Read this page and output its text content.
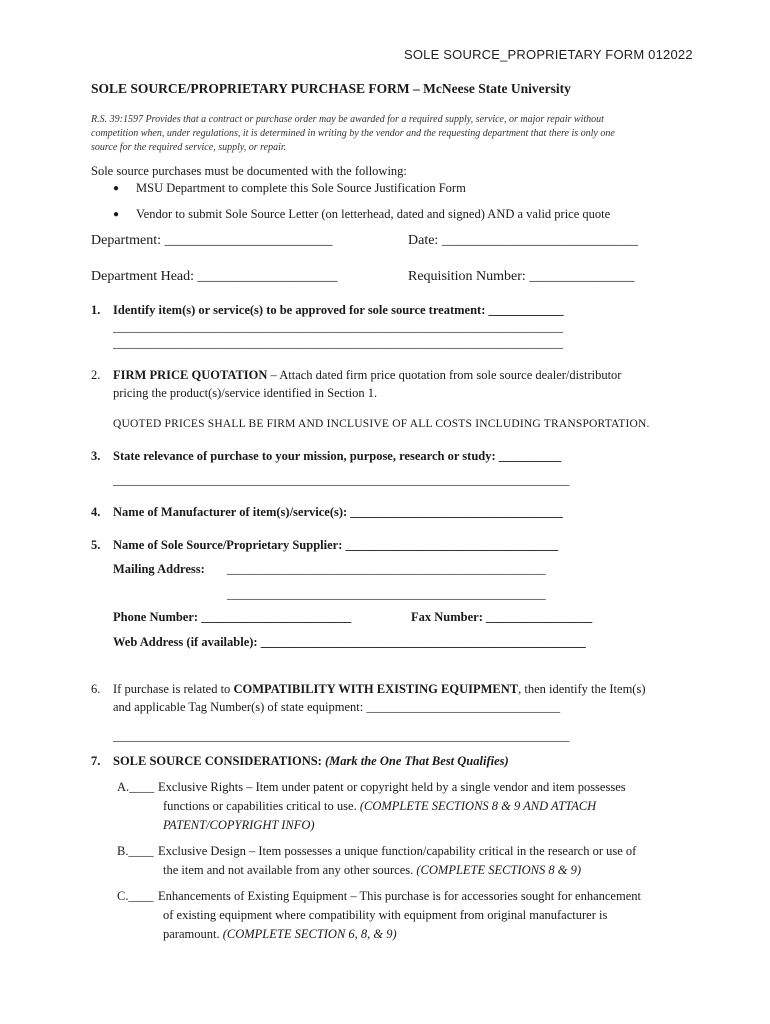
SOLE SOURCE_PROPRIETARY FORM 012022
SOLE SOURCE/PROPRIETARY PURCHASE FORM – McNeese State University
R.S. 39:1597 Provides that a contract or purchase order may be awarded for a required supply, service, or major repair without
competition when, under regulations, it is determined in writing by the vendor and the requesting department that there is only one
source for the required service, supply, or repair.
Sole source purchases must be documented with the following:
● MSU Department to complete this Sole Source Justification Form
● Vendor to submit Sole Source Letter (on letterhead, dated and signed) AND a valid price quote
Department: ________________________	Date: ____________________________
Department Head: ____________________	Requisition Number: _______________
1. Identify item(s) or service(s) to be approved for sole source treatment: ____________
________________________________________________________________________
________________________________________________________________________
2. FIRM PRICE QUOTATION – Attach dated firm price quotation from sole source dealer/distributor
pricing the product(s)/service identified in Section 1.
QUOTED PRICES SHALL BE FIRM AND INCLUSIVE OF ALL COSTS INCLUDING TRANSPORTATION.
3. State relevance of purchase to your mission, purpose, research or study: __________
_________________________________________________________________________
4. Name of Manufacturer of item(s)/service(s): __________________________________
5. Name of Sole Source/Proprietary Supplier: __________________________________
Mailing Address: ___________________________________________________
___________________________________________________
Phone Number: ________________________	Fax Number: _________________
Web Address (if available): ____________________________________________________
6. If purchase is related to COMPATIBILITY WITH EXISTING EQUIPMENT, then identify the Item(s)
and applicable Tag Number(s) of state equipment: _______________________________
_________________________________________________________________________
7. SOLE SOURCE CONSIDERATIONS: (Mark the One That Best Qualifies)
A.____ Exclusive Rights – Item under patent or copyright held by a single vendor and item possesses
functions or capabilities critical to use. (COMPLETE SECTIONS 8 & 9 AND ATTACH
PATENT/COPYRIGHT INFO)
B.____ Exclusive Design – Item possesses a unique function/capability critical in the research or use of
the item and not available from any other sources. (COMPLETE SECTIONS 8 & 9)
C.____ Enhancements of Existing Equipment – This purchase is for accessories sought for enhancement
of existing equipment where compatibility with equipment from original manufacturer is
paramount. (COMPLETE SECTION 6, 8, & 9)
